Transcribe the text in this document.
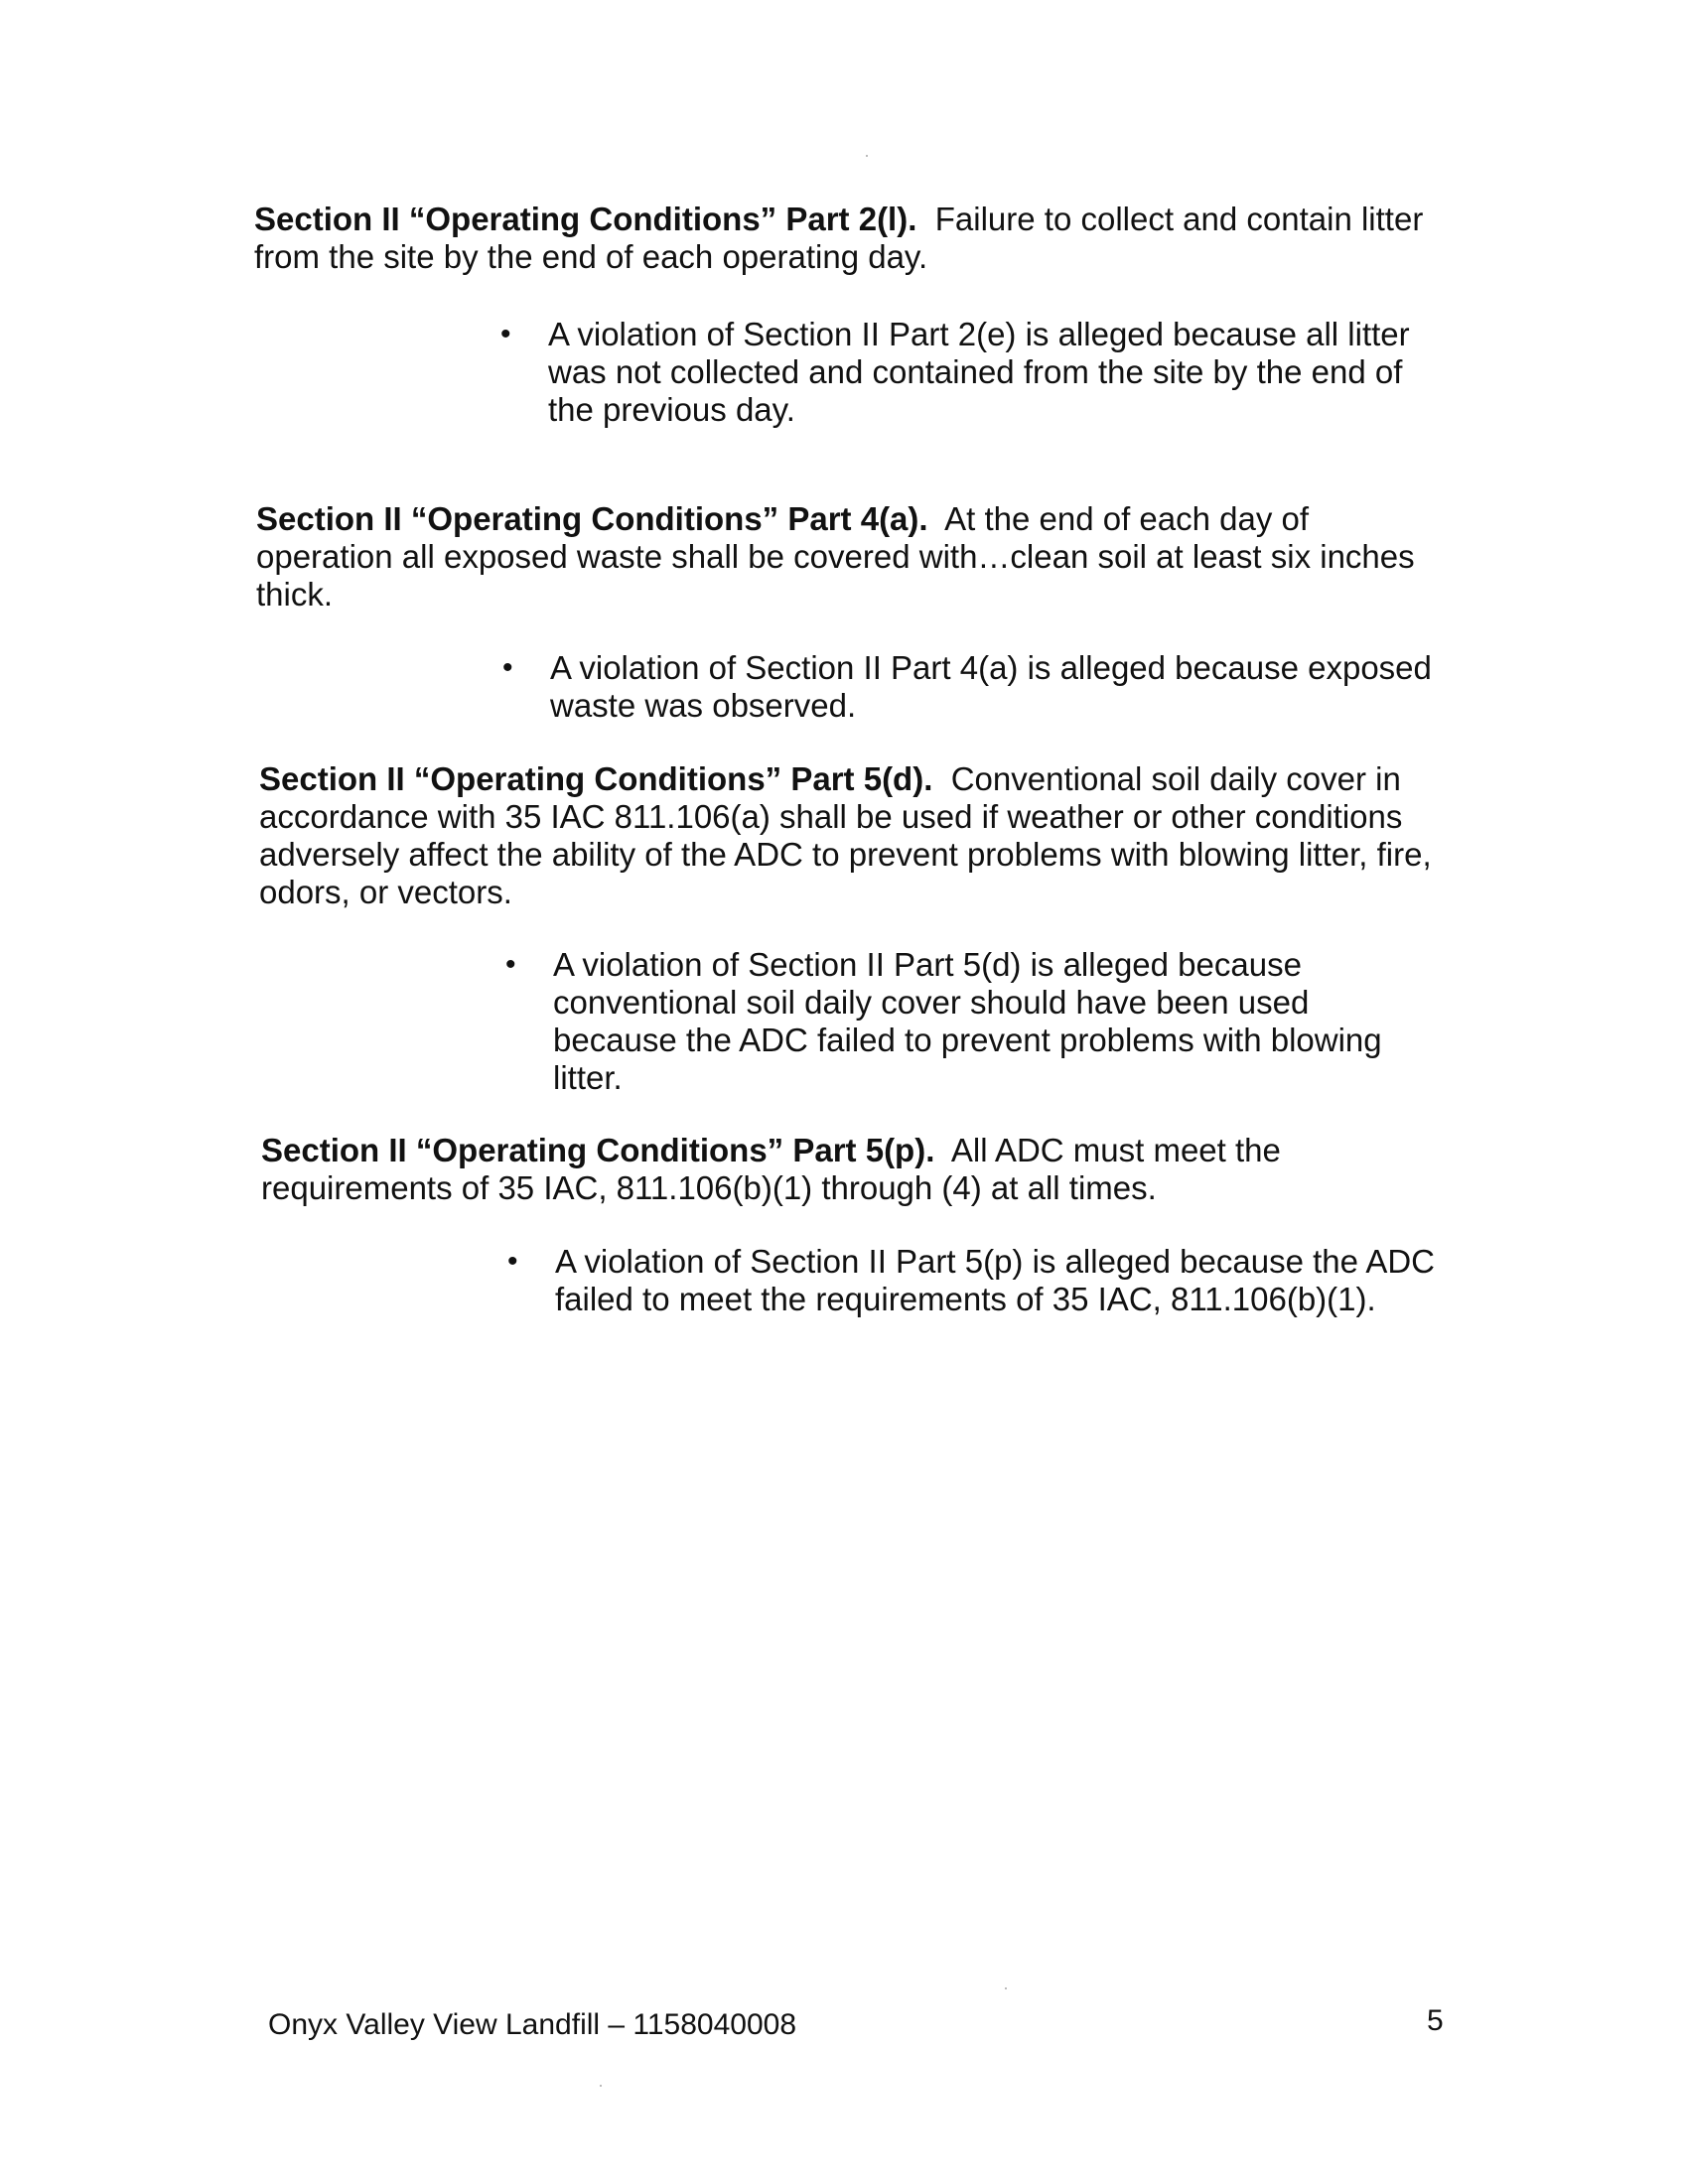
Section II “Operating Conditions” Part 2(l). Failure to collect and contain litter
from the site by the end of each operating day.
• A violation of Section II Part 2(e) is alleged because all litter
was not collected and contained from the site by the end of
the previous day.
Section II “Operating Conditions” Part 4(a). At the end of each day of
operation all exposed waste shall be covered with…clean soil at least six inches
thick.
• A violation of Section II Part 4(a) is alleged because exposed
waste was observed.
Section II “Operating Conditions” Part 5(d). Conventional soil daily cover in
accordance with 35 IAC 811.106(a) shall be used if weather or other conditions
adversely affect the ability of the ADC to prevent problems with blowing litter, fire,
odors, or vectors.
• A violation of Section II Part 5(d) is alleged because
conventional soil daily cover should have been used
because the ADC failed to prevent problems with blowing
litter.
Section II “Operating Conditions” Part 5(p). All ADC must meet the
requirements of 35 IAC, 811.106(b)(1) through (4) at all times.
• A violation of Section II Part 5(p) is alleged because the ADC
failed to meet the requirements of 35 IAC, 811.106(b)(1).
Onyx Valley View Landfill – 1158040008	5
